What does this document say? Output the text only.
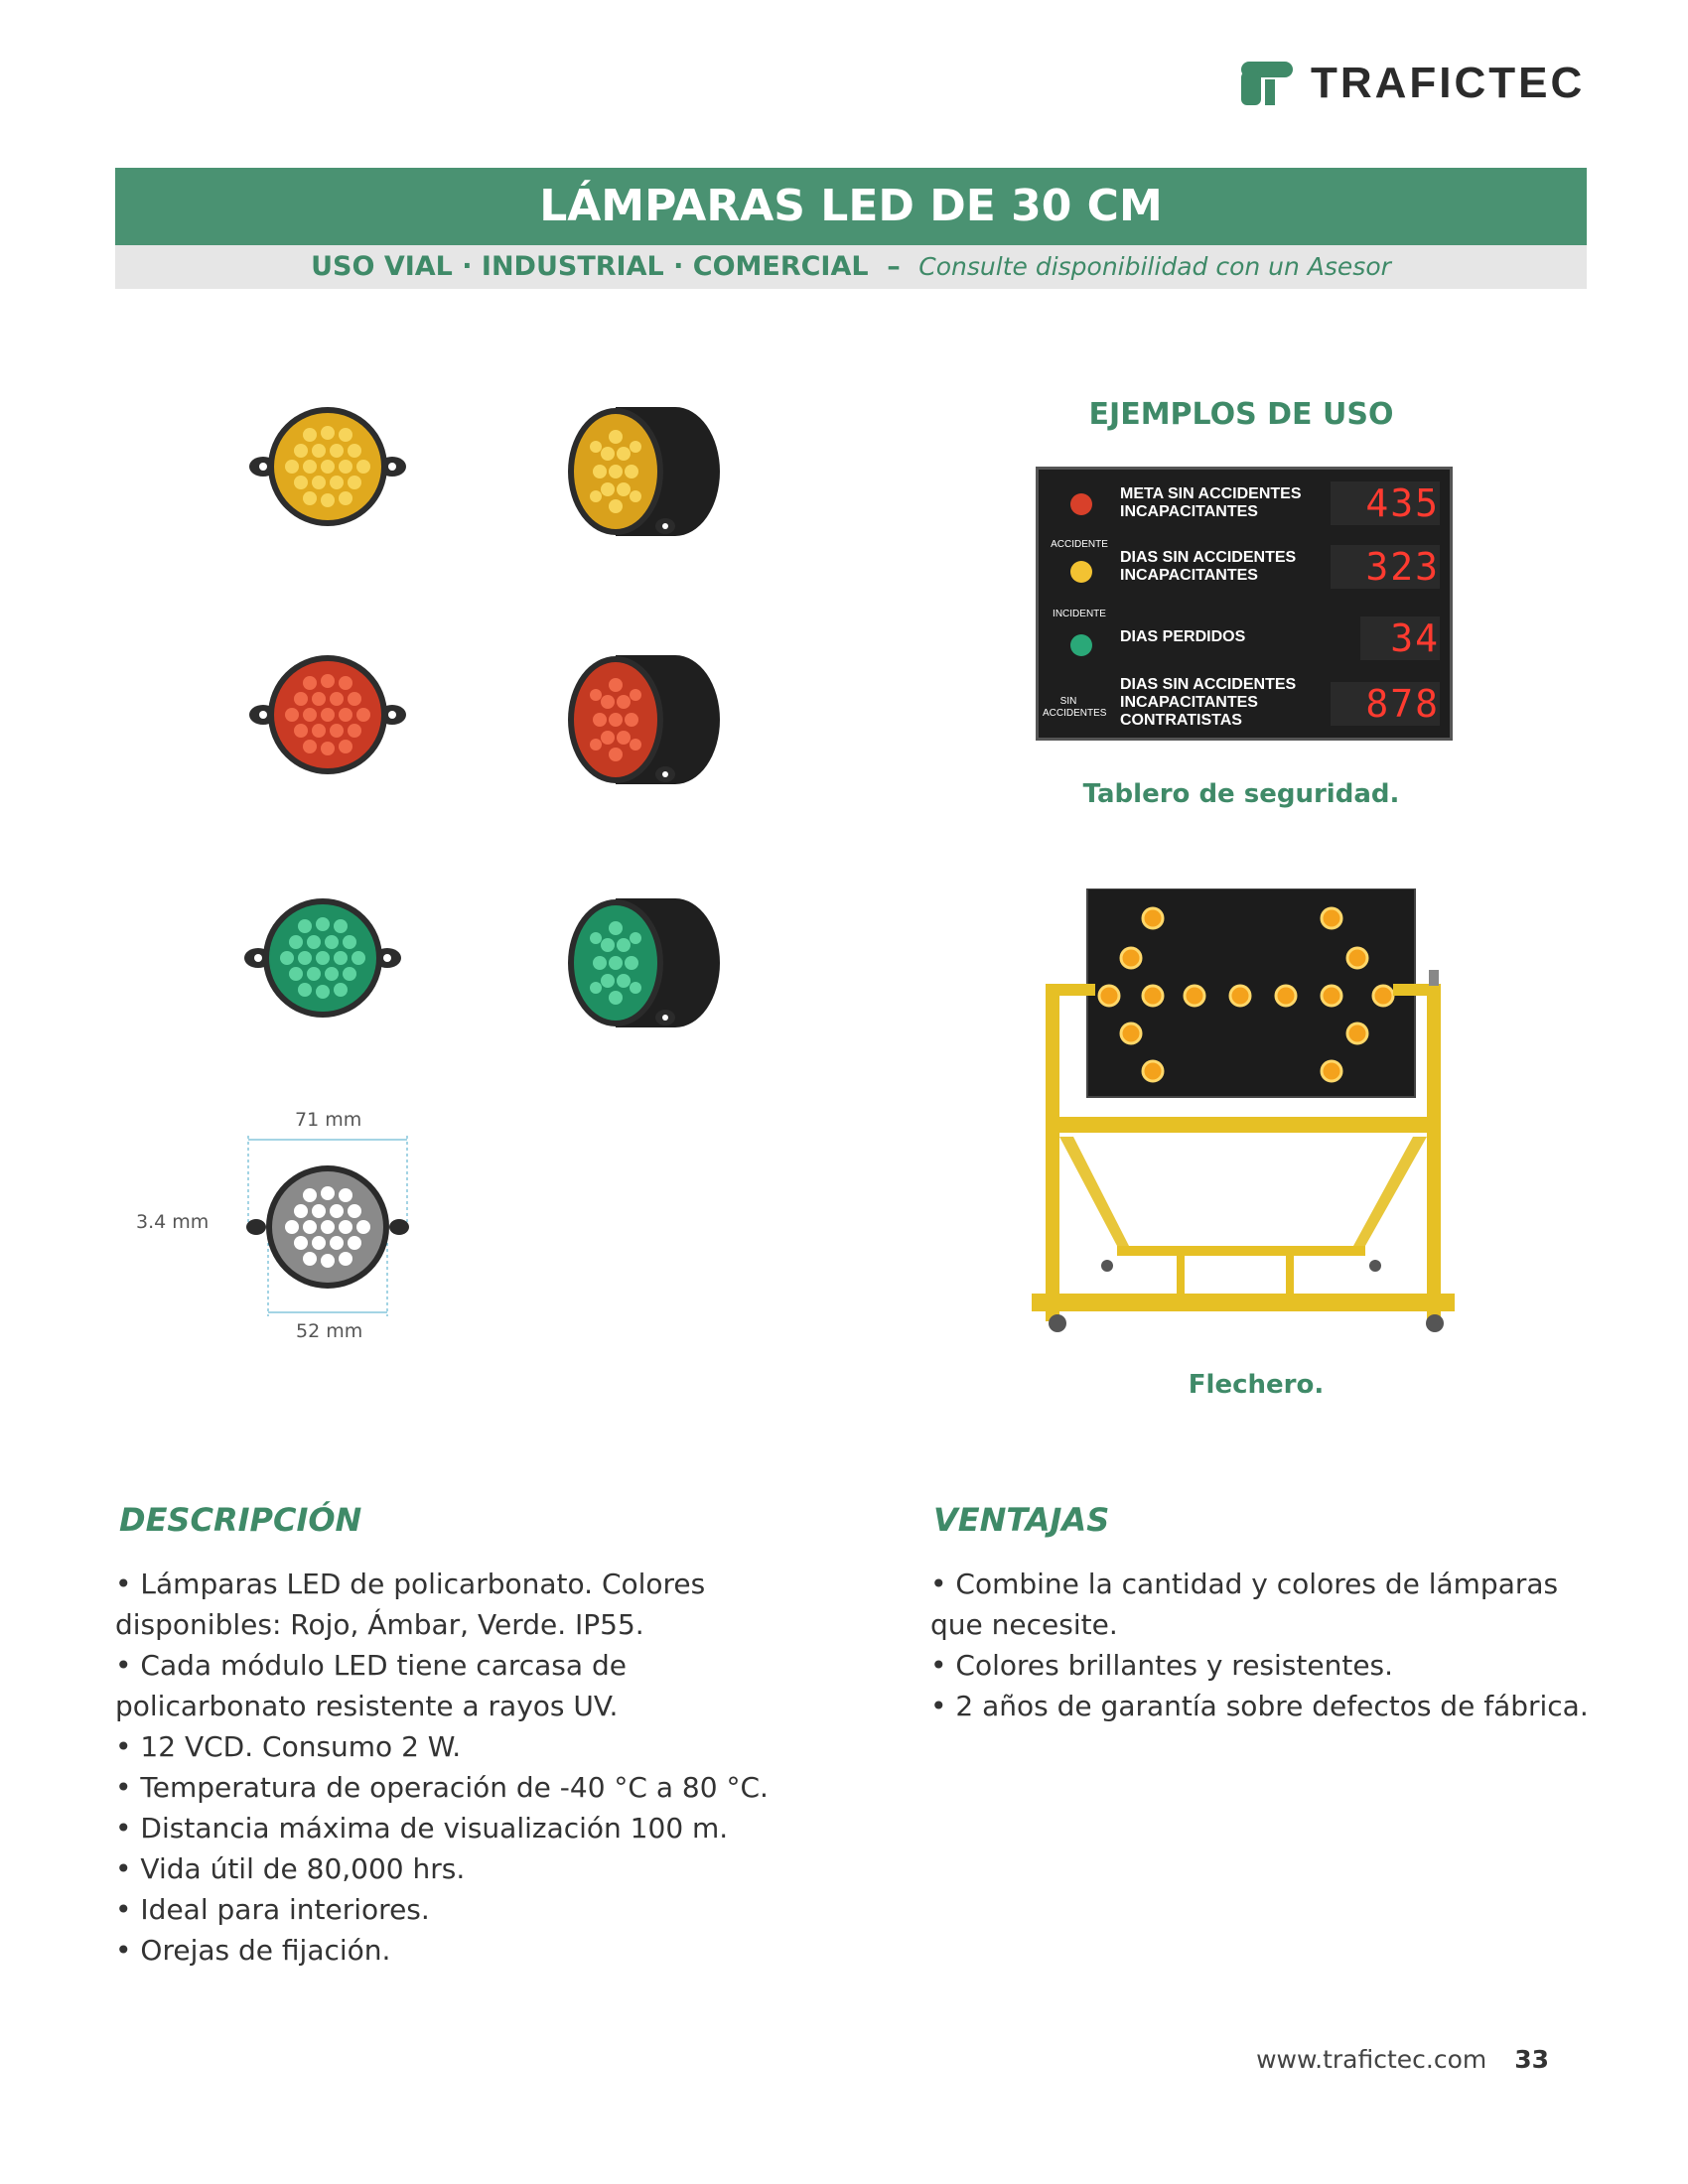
TRAFICTEC
LÁMPARAS LED DE 30 CM
USO VIAL · INDUSTRIAL · COMERCIAL – Consulte disponibilidad con un Asesor
71 mm
3.4 mm
52 mm
EJEMPLOS DE USO
META SIN ACCIDENTES
INCAPACITANTES	435
ACCIDENTE
DIAS SIN ACCIDENTES
INCAPACITANTES	323
INCIDENTE
DIAS PERDIDOS	34
SIN ACCIDENTES
DIAS SIN ACCIDENTES
INCAPACITANTES
CONTRATISTAS	878
Tablero de seguridad.
Flechero.
DESCRIPCIÓN
• Lámparas LED de policarbonato. Colores
disponibles: Rojo, Ámbar, Verde. IP55.
• Cada módulo LED tiene carcasa de
policarbonato resistente a rayos UV.
• 12 VCD. Consumo 2 W.
• Temperatura de operación de -40 °C a 80 °C.
• Distancia máxima de visualización 100 m.
• Vida útil de 80,000 hrs.
• Ideal para interiores.
• Orejas de fijación.
VENTAJAS
• Combine la cantidad y colores de lámparas
que necesite.
• Colores brillantes y resistentes.
• 2 años de garantía sobre defectos de fábrica.
www.trafictec.com 33
